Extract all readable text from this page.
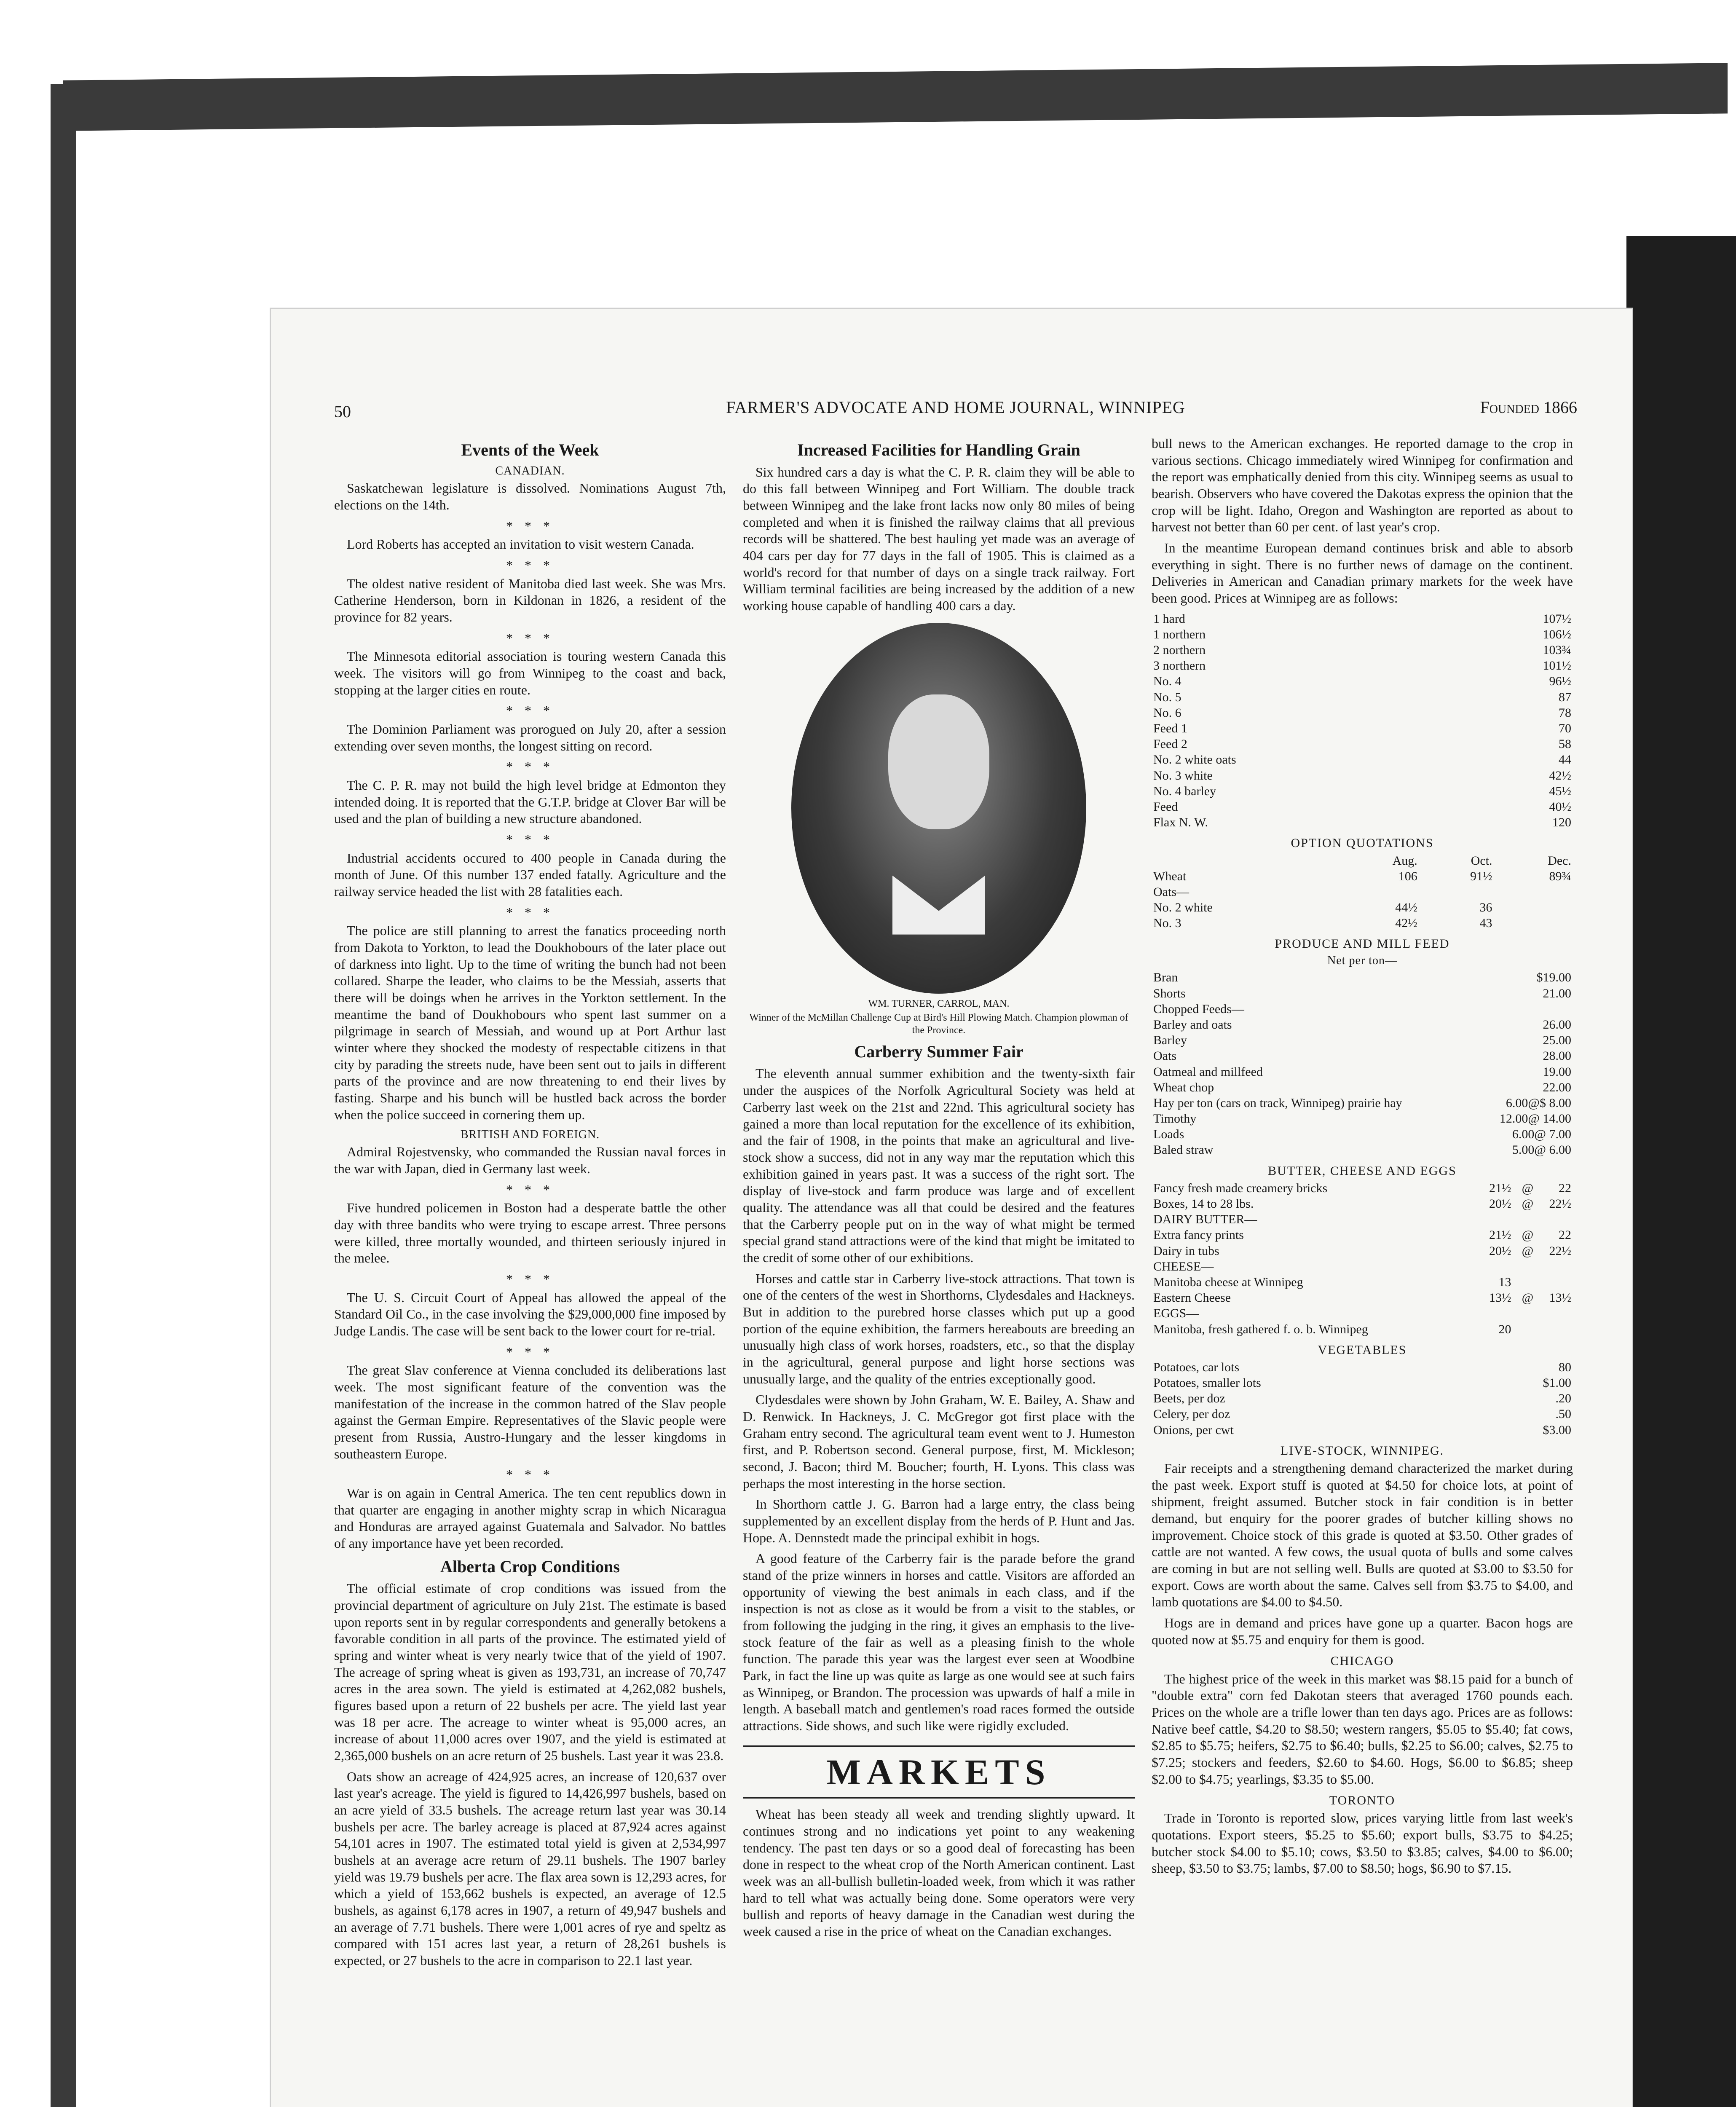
50	FARMER'S ADVOCATE AND HOME JOURNAL, WINNIPEG	Founded 1866
Events of the Week
CANADIAN.

Saskatchewan legislature is dissolved. Nominations August 7th, elections on the 14th.

* * *

Lord Roberts has accepted an invitation to visit western Canada.

* * *

The oldest native resident of Manitoba died last week. She was Mrs. Catherine Henderson, born in Kildonan in 1826, a resident of the province for 82 years.

* * *

The Minnesota editorial association is touring western Canada this week. The visitors will go from Winnipeg to the coast and back, stopping at the larger cities en route.

* * *

The Dominion Parliament was prorogued on July 20, after a session extending over seven months, the longest sitting on record.

* * *

The C. P. R. may not build the high level bridge at Edmonton they intended doing. It is reported that the G.T.P. bridge at Clover Bar will be used and the plan of building a new structure abandoned.

* * *

Industrial accidents occured to 400 people in Canada during the month of June. Of this number 137 ended fatally. Agriculture and the railway service headed the list with 28 fatalities each.

* * *

The police are still planning to arrest the fanatics proceeding north from Dakota to Yorkton, to lead the Doukhobours of the later place out of darkness into light. Up to the time of writing the bunch had not been collared. Sharpe the leader, who claims to be the Messiah, asserts that there will be doings when he arrives in the Yorkton settlement. In the meantime the band of Doukhobours who spent last summer on a pilgrimage in search of Messiah, and wound up at Port Arthur last winter where they shocked the modesty of respectable citizens in that city by parading the streets nude, have been sent out to jails in different parts of the province and are now threatening to end their lives by fasting. Sharpe and his bunch will be hustled back across the border when the police succeed in cornering them up.

BRITISH AND FOREIGN.

Admiral Rojestvensky, who commanded the Russian naval forces in the war with Japan, died in Germany last week.

* * *

Five hundred policemen in Boston had a desperate battle the other day with three bandits who were trying to escape arrest. Three persons were killed, three mortally wounded, and thirteen seriously injured in the melee.

* * *

The U. S. Circuit Court of Appeal has allowed the appeal of the Standard Oil Co., in the case involving the $29,000,000 fine imposed by Judge Landis. The case will be sent back to the lower court for re-trial.

* * *

The great Slav conference at Vienna concluded its deliberations last week. The most significant feature of the convention was the manifestation of the increase in the common hatred of the Slav people against the German Empire. Representatives of the Slavic people were present from Russia, Austro-Hungary and the lesser kingdoms in southeastern Europe.

* * *

War is on again in Central America. The ten cent republics down in that quarter are engaging in another mighty scrap in which Nicaragua and Honduras are arrayed against Guatemala and Salvador. No battles of any importance have yet been recorded.

Alberta Crop Conditions

The official estimate of crop conditions was issued from the provincial department of agriculture on July 21st. The estimate is based upon reports sent in by regular correspondents and generally betokens a favorable condition in all parts of the province. The estimated yield of spring and winter wheat is very nearly twice that of the yield of 1907. The acreage of spring wheat is given as 193,731, an increase of 70,747 acres in the area sown. The yield is estimated at 4,262,082 bushels, figures based upon a return of 22 bushels per acre. The yield last year was 18 per acre. The acreage to winter wheat is 95,000 acres, an increase of about 11,000 acres over 1907, and the yield is estimated at 2,365,000 bushels on an acre return of 25 bushels. Last year it was 23.8.

Oats show an acreage of 424,925 acres, an increase of 120,637 over last year's acreage. The yield is figured to 14,426,997 bushels, based on an acre yield of 33.5 bushels. The acreage return last year was 30.14 bushels per acre. The barley acreage is placed at 87,924 acres against 54,101 acres in 1907. The estimated total yield is given at 2,534,997 bushels at an average acre return of 29.11 bushels. The 1907 barley yield was 19.79 bushels per acre. The flax area sown is 12,293 acres, for which a yield of 153,662 bushels is expected, an average of 12.5 bushels, as against 6,178 acres in 1907, a return of 49,947 bushels and an average of 7.71 bushels. There were 1,001 acres of rye and speltz as compared with 151 acres last year, a return of 28,261 bushels is expected, or 27 bushels to the acre in comparison to 22.1 last year.

Increased Facilities for Handling Grain

Six hundred cars a day is what the C. P. R. claim they will be able to do this fall between Winnipeg and Fort William. The double track between Winnipeg and the lake front lacks now only 80 miles of being completed and when it is finished the railway claims that all previous records will be shattered. The best hauling yet made was an average of 404 cars per day for 77 days in the fall of 1905. This is claimed as a world's record for that number of days on a single track railway. Fort William terminal facilities are being increased by the addition of a new working house capable of handling 400 cars a day.

WM. TURNER, CARROL, MAN.
Winner of the McMillan Challenge Cup at Bird's Hill Plowing Match. Champion plowman of the Province.
Carberry Summer Fair

The eleventh annual summer exhibition and the twenty-sixth fair under the auspices of the Norfolk Agricultural Society was held at Carberry last week on the 21st and 22nd. This agricultural society has gained a more than local reputation for the excellence of its exhibition, and the fair of 1908, in the points that make an agricultural and live-stock show a success, did not in any way mar the reputation which this exhibition gained in years past. It was a success of the right sort. The display of live-stock and farm produce was large and of excellent quality. The attendance was all that could be desired and the features that the Carberry people put on in the way of what might be termed special grand stand attractions were of the kind that might be imitated to the credit of some other of our exhibitions.

Horses and cattle star in Carberry live-stock attractions. That town is one of the centers of the west in Shorthorns, Clydesdales and Hackneys. But in addition to the purebred horse classes which put up a good portion of the equine exhibition, the farmers hereabouts are breeding an unusually high class of work horses, roadsters, etc., so that the display in the agricultural, general purpose and light horse sections was unusually large, and the quality of the entries exceptionally good.

Clydesdales were shown by John Graham, W. E. Bailey, A. Shaw and D. Renwick. In Hackneys, J. C. McGregor got first place with the Graham entry second. The agricultural team event went to J. Humeston first, and P. Robertson second. General purpose, first, M. Mickleson; second, J. Bacon; third M. Boucher; fourth, H. Lyons. This class was perhaps the most interesting in the horse section.

In Shorthorn cattle J. G. Barron had a large entry, the class being supplemented by an excellent display from the herds of P. Hunt and Jas. Hope. A. Dennstedt made the principal exhibit in hogs.

A good feature of the Carberry fair is the parade before the grand stand of the prize winners in horses and cattle. Visitors are afforded an opportunity of viewing the best animals in each class, and if the inspection is not as close as it would be from a visit to the stables, or from following the judging in the ring, it gives an emphasis to the live-stock feature of the fair as well as a pleasing finish to the whole function. The parade this year was the largest ever seen at Woodbine Park, in fact the line up was quite as large as one would see at such fairs as Winnipeg, or Brandon. The procession was upwards of half a mile in length. A baseball match and gentlemen's road races formed the outside attractions. Side shows, and such like were rigidly excluded.

MARKETS

Wheat has been steady all week and trending slightly upward. It continues strong and no indications yet point to any weakening tendency. The past ten days or so a good deal of forecasting has been done in respect to the wheat crop of the North American continent. Last week was an all-bullish bulletin-loaded week, from which it was rather hard to tell what was actually being done. Some operators were very bullish and reports of heavy damage in the Canadian west during the week caused a rise in the price of wheat on the Canadian exchanges.

bull news to the American exchanges. He reported damage to the crop in various sections. Chicago immediately wired Winnipeg for confirmation and the report was emphatically denied from this city. Winnipeg seems as usual to bearish. Observers who have covered the Dakotas express the opinion that the crop will be light. Idaho, Oregon and Washington are reported as about to harvest not better than 60 per cent. of last year's crop.

In the meantime European demand continues brisk and able to absorb everything in sight. There is no further news of damage on the continent. Deliveries in American and Canadian primary markets for the week have been good. Prices at Winnipeg are as follows:

1 hard	107½
1 northern	106½
2 northern	103¾
3 northern	101½
No. 4	96½
No. 5	87
No. 6	78
Feed 1	70
Feed 2	58
No. 2 white oats	44
No. 3 white	42½
No. 4 barley	45½
Feed	40½
Flax N. W.	120
OPTION QUOTATIONS
	Aug.	Oct.	Dec.
Wheat	106	91½	89¾
Oats—			
No. 2 white	44½	36	
No. 3	42½	43	
PRODUCE AND MILL FEED
Net per ton—
Bran	$19.00
Shorts	21.00
Chopped Feeds—	
Barley and oats	26.00
Barley	25.00
Oats	28.00
Oatmeal and millfeed	19.00
Wheat chop	22.00
Hay per ton (cars on track, Winnipeg) prairie hay	6.00@$ 8.00
Timothy	12.00@ 14.00
Loads	6.00@ 7.00
Baled straw	5.00@ 6.00
BUTTER, CHEESE AND EGGS
Fancy fresh made creamery bricks	21½	@	22
Boxes, 14 to 28 lbs.	20½	@	22½
DAIRY BUTTER—			
Extra fancy prints	21½	@	22
Dairy in tubs	20½	@	22½
CHEESE—			
Manitoba cheese at Winnipeg	13		
Eastern Cheese	13½	@	13½
EGGS—			
Manitoba, fresh gathered f. o. b. Winnipeg	20		
VEGETABLES
Potatoes, car lots	80
Potatoes, smaller lots	$1.00
Beets, per doz	.20
Celery, per doz	.50
Onions, per cwt	$3.00
LIVE-STOCK, WINNIPEG.

Fair receipts and a strengthening demand characterized the market during the past week. Export stuff is quoted at $4.50 for choice lots, at point of shipment, freight assumed. Butcher stock in fair condition is in better demand, but enquiry for the poorer grades of butcher killing shows no improvement. Choice stock of this grade is quoted at $3.50. Other grades of cattle are not wanted. A few cows, the usual quota of bulls and some calves are coming in but are not selling well. Bulls are quoted at $3.00 to $3.50 for export. Cows are worth about the same. Calves sell from $3.75 to $4.00, and lamb quotations are $4.00 to $4.50.

Hogs are in demand and prices have gone up a quarter. Bacon hogs are quoted now at $5.75 and enquiry for them is good.

CHICAGO

The highest price of the week in this market was $8.15 paid for a bunch of "double extra" corn fed Dakotan steers that averaged 1760 pounds each. Prices on the whole are a trifle lower than ten days ago. Prices are as follows: Native beef cattle, $4.20 to $8.50; western rangers, $5.05 to $5.40; fat cows, $2.85 to $5.75; heifers, $2.75 to $6.40; bulls, $2.25 to $6.00; calves, $2.75 to $7.25; stockers and feeders, $2.60 to $4.60. Hogs, $6.00 to $6.85; sheep $2.00 to $4.75; yearlings, $3.35 to $5.00.

TORONTO

Trade in Toronto is reported slow, prices varying little from last week's quotations. Export steers, $5.25 to $5.60; export bulls, $3.75 to $4.25; butcher stock $4.00 to $5.10; cows, $3.50 to $3.85; calves, $4.00 to $6.00; sheep, $3.50 to $3.75; lambs, $7.00 to $8.50; hogs, $6.90 to $7.15.
